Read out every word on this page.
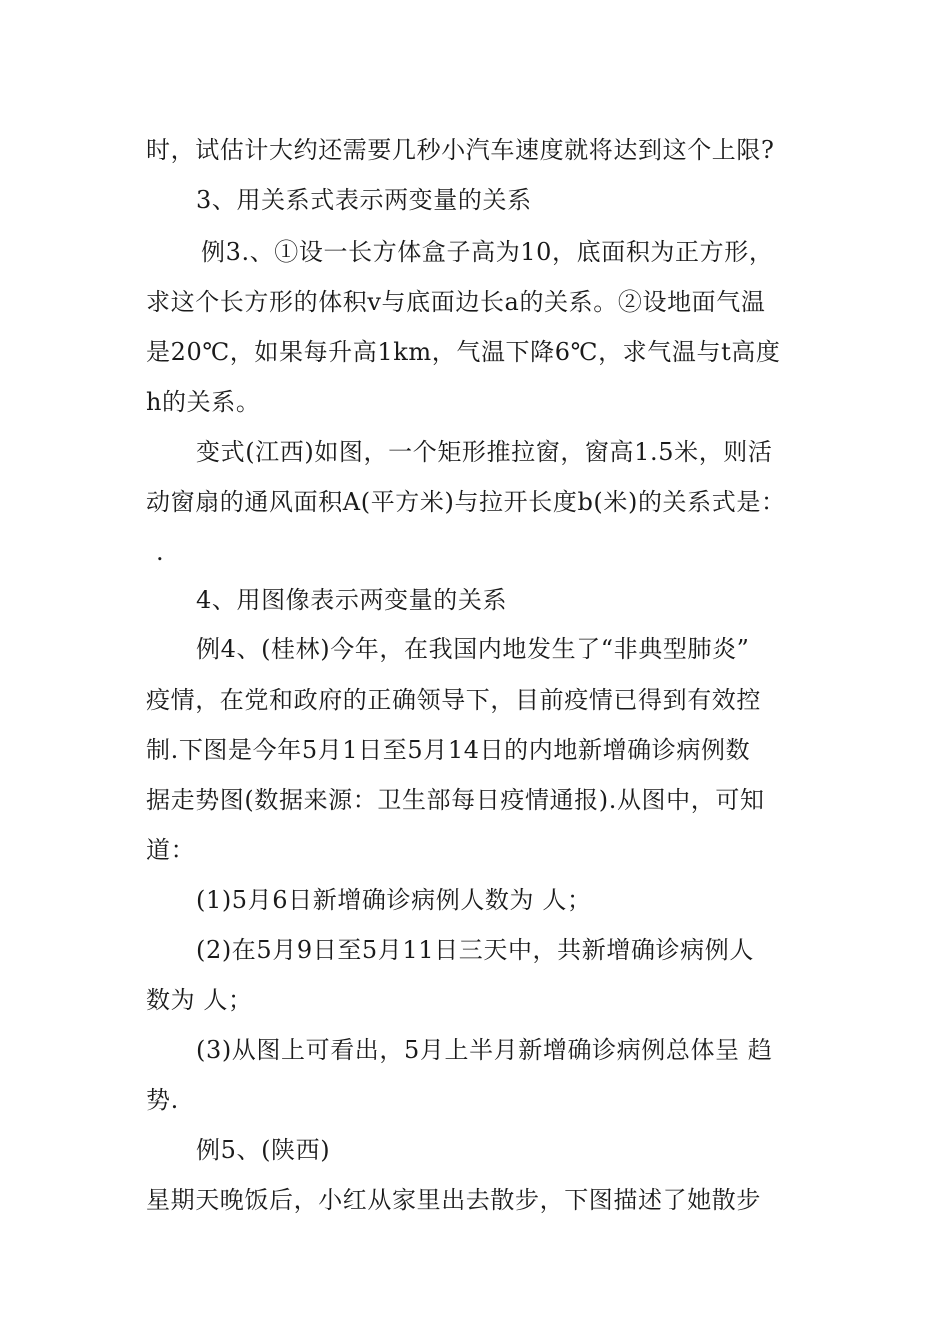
时，试估计大约还需要几秒小汽车速度就将达到这个上限?
3、用关系式表示两变量的关系
例3.、①设一长方体盒子高为10，底面积为正方形，
求这个长方形的体积v与底面边长a的关系。②设地面气温
是20℃，如果每升高1km，气温下降6℃，求气温与t高度
h的关系。
变式(江西)如图，一个矩形推拉窗，窗高1.5米，则活
动窗扇的通风面积A(平方米)与拉开长度b(米)的关系式是：
.
4、用图像表示两变量的关系
例4、(桂林)今年，在我国内地发生了“非典型肺炎”
疫情，在党和政府的正确领导下，目前疫情已得到有效控
制.下图是今年5月1日至5月14日的内地新增确诊病例数
据走势图(数据来源：卫生部每日疫情通报).从图中，可知
道：
(1)5月6日新增确诊病例人数为 人；
(2)在5月9日至5月11日三天中，共新增确诊病例人
数为 人；
(3)从图上可看出，5月上半月新增确诊病例总体呈 趋
势.
例5、(陕西)
星期天晚饭后，小红从家里出去散步，下图描述了她散步
